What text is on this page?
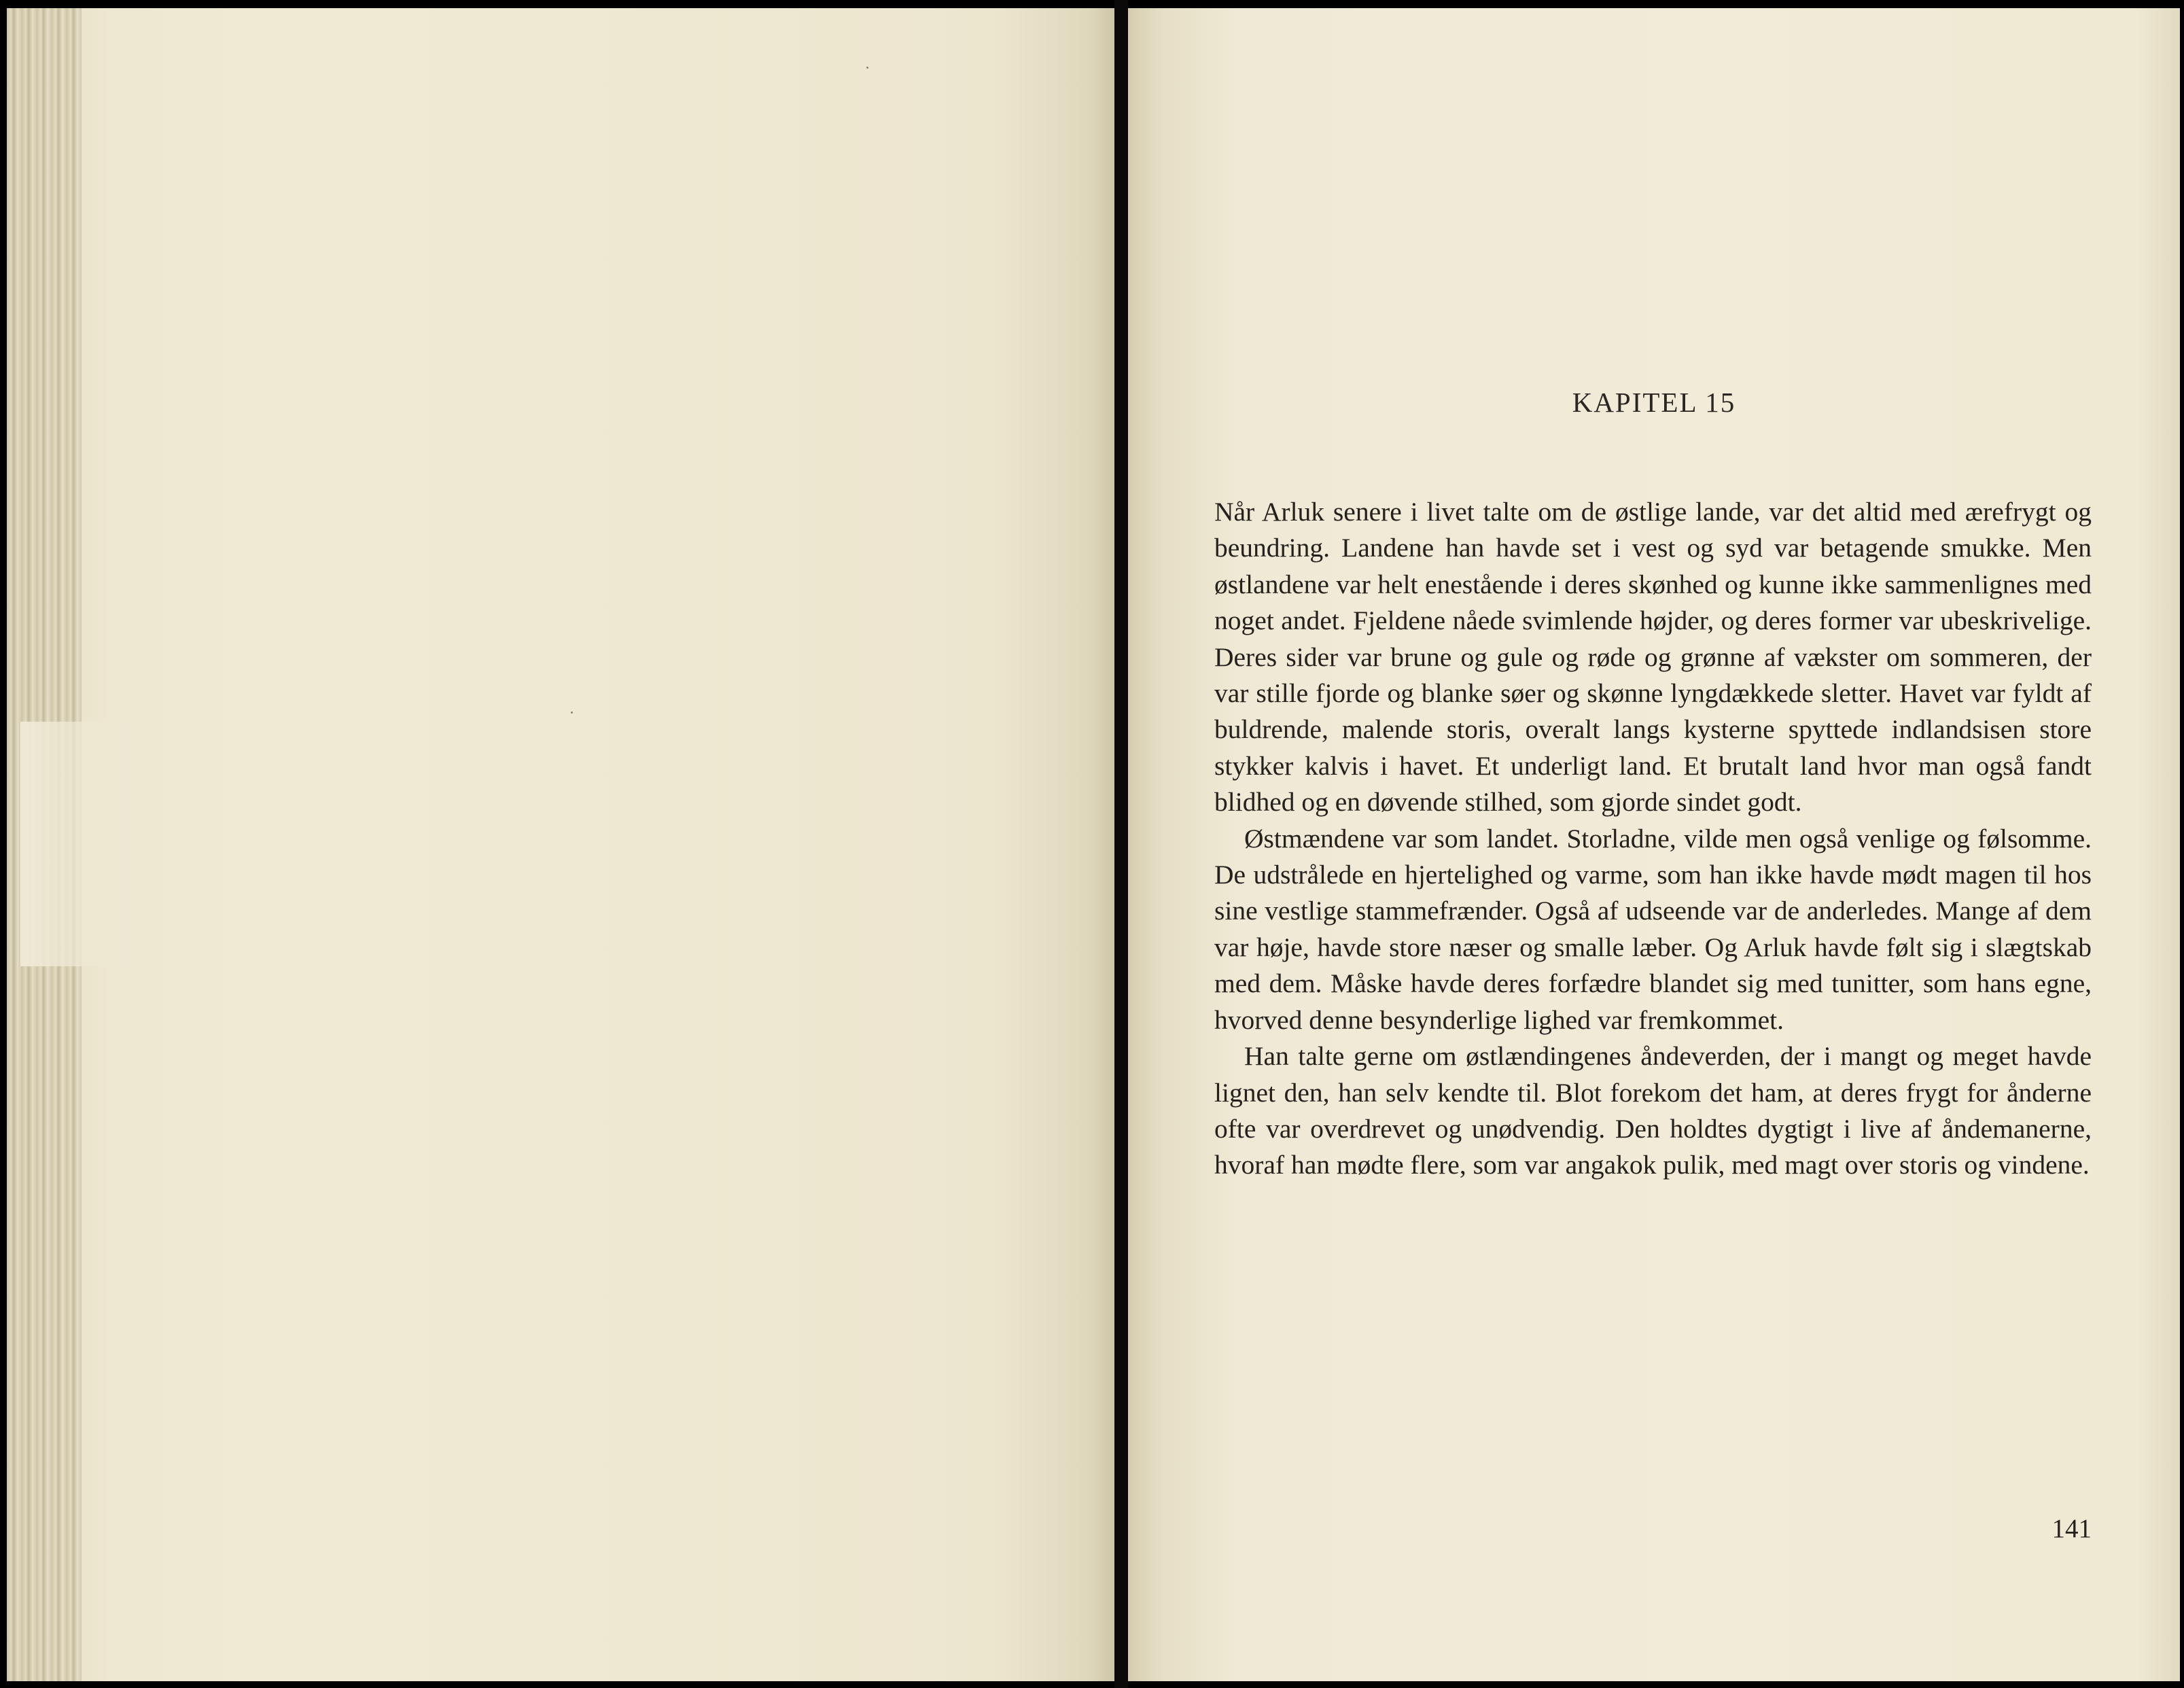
KAPITEL 15

Når Arluk senere i livet talte om de østlige lande, var det altid med ærefrygt og beundring. Landene han havde set i vest og syd var betagende smukke. Men østlandene var helt enestående i deres skønhed og kunne ikke sammenlignes med noget andet. Fjeldene nåede svimlende højder, og deres former var ubeskrivelige. Deres sider var brune og gule og røde og grønne af vækster om sommeren, der var stille fjorde og blanke søer og skønne lyngdækkede sletter. Havet var fyldt af buldrende, malende storis, overalt langs kysterne spyttede indlandsisen store stykker kalvis i havet. Et underligt land. Et brutalt land hvor man også fandt blidhed og en døvende stilhed, som gjorde sindet godt.

Østmændene var som landet. Storladne, vilde men også venlige og følsomme. De udstrålede en hjertelighed og varme, som han ikke havde mødt magen til hos sine vestlige stammefrænder. Også af udseende var de anderledes. Mange af dem var høje, havde store næser og smalle læber. Og Arluk havde følt sig i slægtskab med dem. Måske havde deres forfædre blandet sig med tunitter, som hans egne, hvorved denne besynderlige lighed var fremkommet.

Han talte gerne om østlændingenes åndeverden, der i mangt og meget havde lignet den, han selv kendte til. Blot forekom det ham, at deres frygt for ånderne ofte var overdrevet og unødvendig. Den holdtes dygtigt i live af åndemanerne, hvoraf han mødte flere, som var angakok pulik, med magt over storis og vindene.

141
